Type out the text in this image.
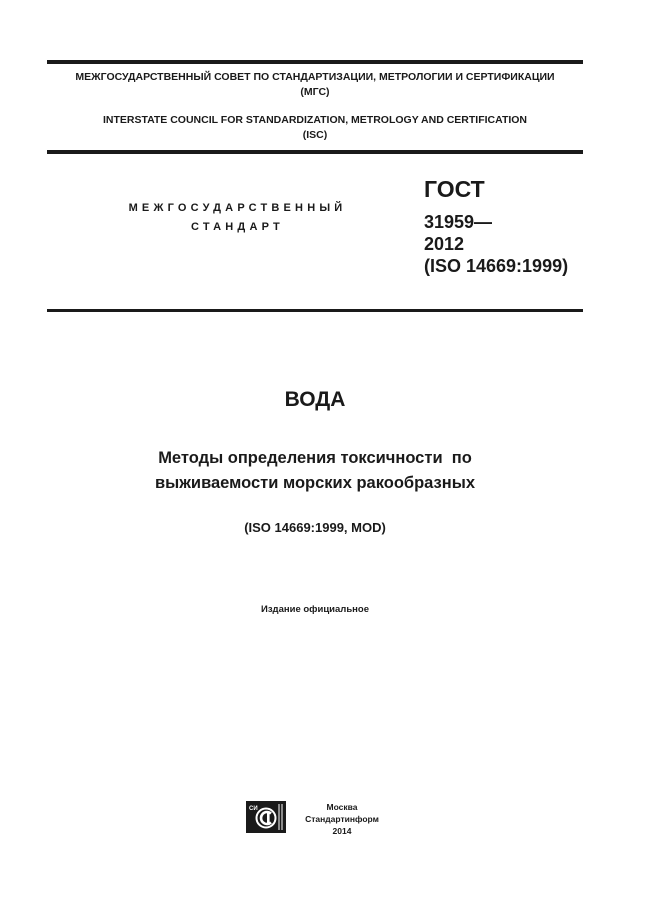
МЕЖГОСУДАРСТВЕННЫЙ СОВЕТ ПО СТАНДАРТИЗАЦИИ, МЕТРОЛОГИИ И СЕРТИФИКАЦИИ
(МГС)
INTERSTATE COUNCIL FOR STANDARDIZATION, METROLOGY AND CERTIFICATION
(ISC)
МЕЖГОСУДАРСТВЕННЫЙ
СТАНДАРТ
ГОСТ
31959—
2012
(ISO 14669:1999)
ВОДА
Методы определения токсичности  по
выживаемости морских ракообразных
(ISO 14669:1999, MOD)
Издание официальное
СИ	Москва
Стандартинформ
2014
